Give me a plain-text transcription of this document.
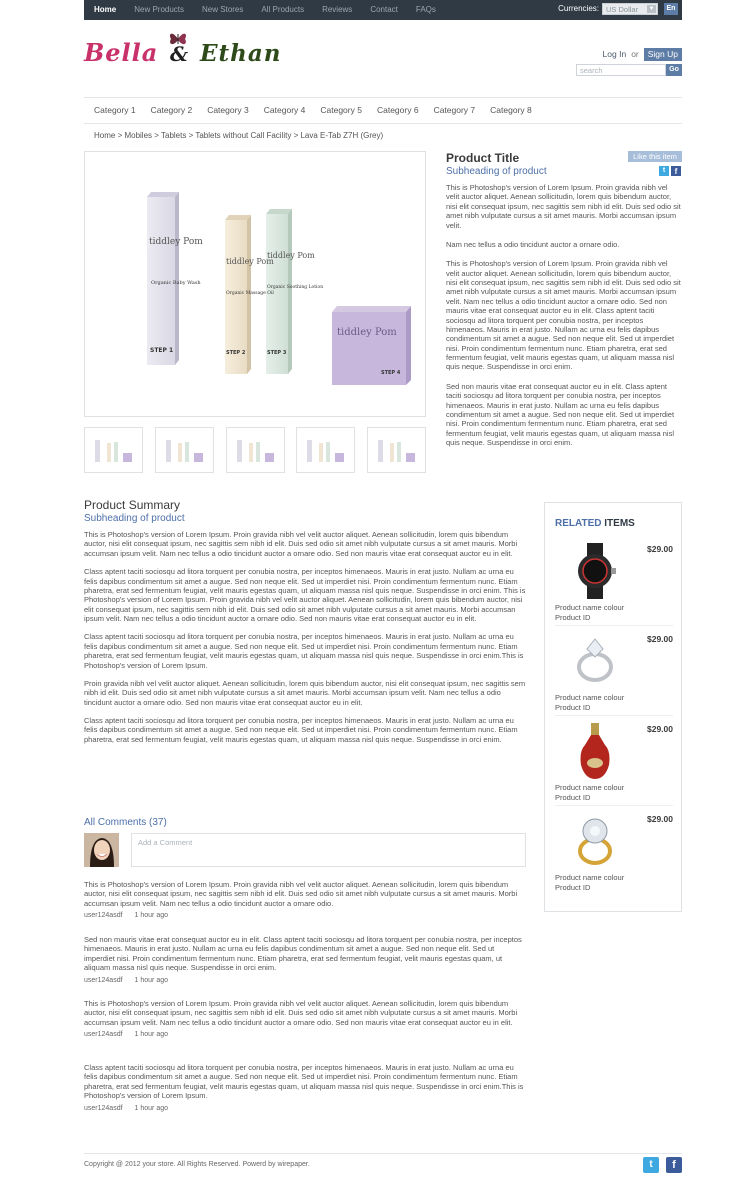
Home New Products New Stores All Products Reviews Contact FAQs	Currencies: US Dollar ▼	En
Bella & Ethan	Log In or	Sign Up
search	Go
Category 1 Category 2 Category 3 Category 4 Category 5 Category 6 Category 7 Category 8
Home > Mobiles > Tablets > Tablets without Call Facility > Lava E-Tab Z7H (Grey)
tiddley Pom
tiddley Pom
tiddley Pom
tiddley Pom
Organic Baby Wash
Organic Massage Oil
Organic Soothing Lotion
STEP 1	STEP 2	STEP 3
STEP 4
Product Title
Subheading of product
Like this item
t	f

This is Photoshop's version of Lorem Ipsum. Proin gravida nibh vel velit auctor aliquet. Aenean sollicitudin, lorem quis bibendum auctor, nisi elit consequat ipsum, nec sagittis sem nibh id elit. Duis sed odio sit amet nibh vulputate cursus a sit amet mauris. Morbi accumsan ipsum velit.

Nam nec tellus a odio tincidunt auctor a ornare odio.

This is Photoshop's version of Lorem Ipsum. Proin gravida nibh vel velit auctor aliquet. Aenean sollicitudin, lorem quis bibendum auctor, nisi elit consequat ipsum, nec sagittis sem nibh id elit. Duis sed odio sit amet nibh vulputate cursus a sit amet mauris. Morbi accumsan ipsum velit. Nam nec tellus a odio tincidunt auctor a ornare odio. Sed non mauris vitae erat consequat auctor eu in elit. Class aptent taciti sociosqu ad litora torquent per conubia nostra, per inceptos himenaeos. Mauris in erat justo. Nullam ac urna eu felis dapibus condimentum sit amet a augue. Sed non neque elit. Sed ut imperdiet nisi. Proin condimentum fermentum nunc. Etiam pharetra, erat sed fermentum feugiat, velit mauris egestas quam, ut aliquam massa nisl quis neque. Suspendisse in orci enim.

Sed non mauris vitae erat consequat auctor eu in elit. Class aptent taciti sociosqu ad litora torquent per conubia nostra, per inceptos himenaeos. Mauris in erat justo. Nullam ac urna eu felis dapibus condimentum sit amet a augue. Sed non neque elit. Sed ut imperdiet nisi. Proin condimentum fermentum nunc. Etiam pharetra, erat sed fermentum feugiat, velit mauris egestas quam, ut aliquam massa nisl quis neque. Suspendisse in orci enim.

Product Summary
Subheading of product

This is Photoshop's version of Lorem Ipsum. Proin gravida nibh vel velit auctor aliquet. Aenean sollicitudin, lorem quis bibendum auctor, nisi elit consequat ipsum, nec sagittis sem nibh id elit. Duis sed odio sit amet nibh vulputate cursus a sit amet mauris. Morbi accumsan ipsum velit. Nam nec tellus a odio tincidunt auctor a ornare odio. Sed non mauris vitae erat consequat auctor eu in elit.

Class aptent taciti sociosqu ad litora torquent per conubia nostra, per inceptos himenaeos. Mauris in erat justo. Nullam ac urna eu felis dapibus condimentum sit amet a augue. Sed non neque elit. Sed ut imperdiet nisi. Proin condimentum fermentum nunc. Etiam pharetra, erat sed fermentum feugiat, velit mauris egestas quam, ut aliquam massa nisl quis neque. Suspendisse in orci enim. This is Photoshop's version of Lorem Ipsum. Proin gravida nibh vel velit auctor aliquet. Aenean sollicitudin, lorem quis bibendum auctor, nisi elit consequat ipsum, nec sagittis sem nibh id elit. Duis sed odio sit amet nibh vulputate cursus a sit amet mauris. Morbi accumsan ipsum velit. Nam nec tellus a odio tincidunt auctor a ornare odio. Sed non mauris vitae erat consequat auctor eu in elit.

Class aptent taciti sociosqu ad litora torquent per conubia nostra, per inceptos himenaeos. Mauris in erat justo. Nullam ac urna eu felis dapibus condimentum sit amet a augue. Sed non neque elit. Sed ut imperdiet nisi. Proin condimentum fermentum nunc. Etiam pharetra, erat sed fermentum feugiat, velit mauris egestas quam, ut aliquam massa nisl quis neque. Suspendisse in orci enim.This is Photoshop's version of Lorem Ipsum.

Proin gravida nibh vel velit auctor aliquet. Aenean sollicitudin, lorem quis bibendum auctor, nisi elit consequat ipsum, nec sagittis sem nibh id elit. Duis sed odio sit amet nibh vulputate cursus a sit amet mauris. Morbi accumsan ipsum velit. Nam nec tellus a odio tincidunt auctor a ornare odio. Sed non mauris vitae erat consequat auctor eu in elit.

Class aptent taciti sociosqu ad litora torquent per conubia nostra, per inceptos himenaeos. Mauris in erat justo. Nullam ac urna eu felis dapibus condimentum sit amet a augue. Sed non neque elit. Sed ut imperdiet nisi. Proin condimentum fermentum nunc. Etiam pharetra, erat sed fermentum feugiat, velit mauris egestas quam, ut aliquam massa nisl quis neque. Suspendisse in orci enim.

RELATED ITEMS
$29.00
Product name colour
Product ID
$29.00
Product name colour
Product ID
$29.00
Product name colour
Product ID
$29.00
Product name colour
Product ID
All Comments (37)
Add a Comment
This is Photoshop's version of Lorem Ipsum. Proin gravida nibh vel velit auctor aliquet. Aenean sollicitudin, lorem quis bibendum auctor, nisi elit consequat ipsum, nec sagittis sem nibh id elit. Duis sed odio sit amet nibh vulputate cursus a sit amet mauris. Morbi accumsan ipsum velit. Nam nec tellus a odio tincidunt auctor a ornare odio.
user124asdf 1 hour ago
Sed non mauris vitae erat consequat auctor eu in elit. Class aptent taciti sociosqu ad litora torquent per conubia nostra, per inceptos himenaeos. Mauris in erat justo. Nullam ac urna eu felis dapibus condimentum sit amet a augue. Sed non neque elit. Sed ut imperdiet nisi. Proin condimentum fermentum nunc. Etiam pharetra, erat sed fermentum feugiat, velit mauris egestas quam, ut aliquam massa nisl quis neque. Suspendisse in orci enim.
user124asdf 1 hour ago
This is Photoshop's version of Lorem Ipsum. Proin gravida nibh vel velit auctor aliquet. Aenean sollicitudin, lorem quis bibendum auctor, nisi elit consequat ipsum, nec sagittis sem nibh id elit. Duis sed odio sit amet nibh vulputate cursus a sit amet mauris. Morbi accumsan ipsum velit. Nam nec tellus a odio tincidunt auctor a ornare odio. Sed non mauris vitae erat consequat auctor eu in elit.
user124asdf 1 hour ago
Class aptent taciti sociosqu ad litora torquent per conubia nostra, per inceptos himenaeos. Mauris in erat justo. Nullam ac urna eu felis dapibus condimentum sit amet a augue. Sed non neque elit. Sed ut imperdiet nisi. Proin condimentum fermentum nunc. Etiam pharetra, erat sed fermentum feugiat, velit mauris egestas quam, ut aliquam massa nisl quis neque. Suspendisse in orci enim.This is Photoshop's version of Lorem Ipsum.
user124asdf 1 hour ago
Copyright @ 2012 your store. All Rights Reserved. Powerd by wirepaper.	t	f
